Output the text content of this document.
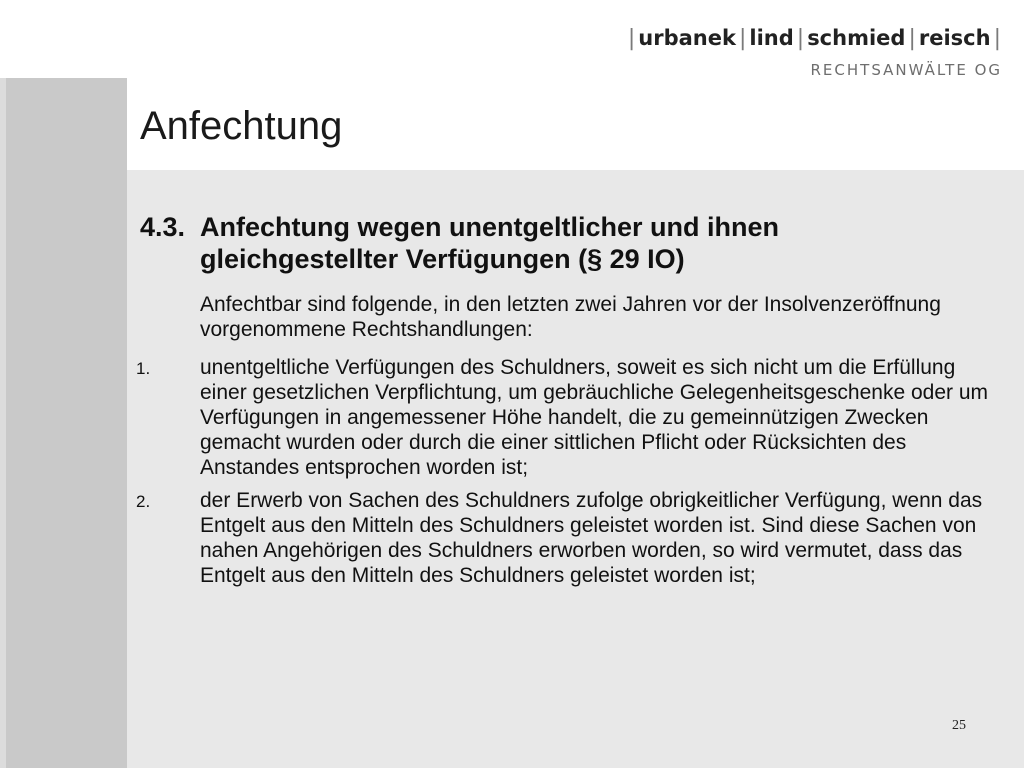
| urbanek | lind | schmied | reisch |
RECHTSANWÄLTE OG
Anfechtung
4.3. Anfechtung wegen unentgeltlicher und ihnen gleichgestellter Verfügungen (§ 29 IO)

Anfechtbar sind folgende, in den letzten zwei Jahren vor der Insolvenzeröffnung vorgenommene Rechtshandlungen:

1.	unentgeltliche Verfügungen des Schuldners, soweit es sich nicht um die Erfüllung einer gesetzlichen Verpflichtung, um gebräuchliche Gelegenheitsgeschenke oder um Verfügungen in angemessener Höhe handelt, die zu gemeinnützigen Zwecken gemacht wurden oder durch die einer sittlichen Pflicht oder Rücksichten des Anstandes entsprochen worden ist;
2.	der Erwerb von Sachen des Schuldners zufolge obrigkeitlicher Verfügung, wenn das Entgelt aus den Mitteln des Schuldners geleistet worden ist. Sind diese Sachen von nahen Angehörigen des Schuldners erworben worden, so wird vermutet, dass das Entgelt aus den Mitteln des Schuldners geleistet worden ist;
25
